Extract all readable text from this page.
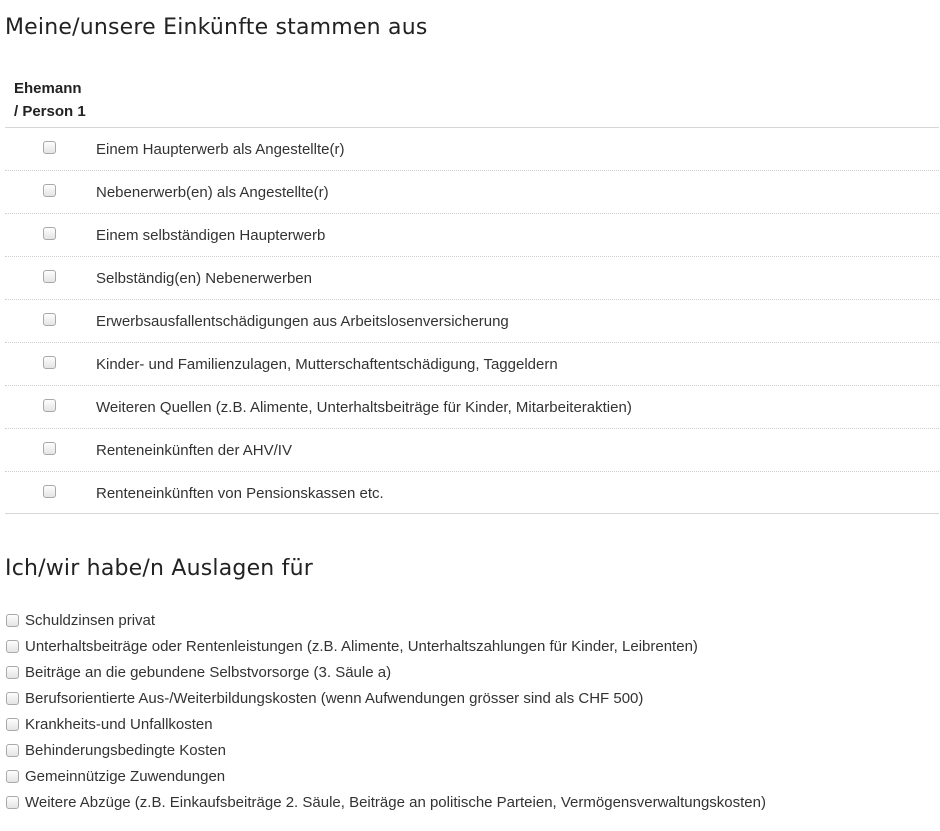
Meine/unsere Einkünfte stammen aus
Ehemann
/ Person 1
Einem Haupterwerb als Angestellte(r)
Nebenerwerb(en) als Angestellte(r)
Einem selbständigen Haupterwerb
Selbständig(en) Nebenerwerben
Erwerbsausfallentschädigungen aus Arbeitslosenversicherung
Kinder- und Familienzulagen, Mutterschaftentschädigung, Taggeldern
Weiteren Quellen (z.B. Alimente, Unterhaltsbeiträge für Kinder, Mitarbeiteraktien)
Renteneinkünften der AHV/IV
Renteneinkünften von Pensionskassen etc.
Ich/wir habe/n Auslagen für
Schuldzinsen privat
Unterhaltsbeiträge oder Rentenleistungen (z.B. Alimente, Unterhaltszahlungen für Kinder, Leibrenten)
Beiträge an die gebundene Selbstvorsorge (3. Säule a)
Berufsorientierte Aus-/Weiterbildungskosten (wenn Aufwendungen grösser sind als CHF 500)
Krankheits-und Unfallkosten
Behinderungsbedingte Kosten
Gemeinnützige Zuwendungen
Weitere Abzüge (z.B. Einkaufsbeiträge 2. Säule, Beiträge an politische Parteien, Vermögensverwaltungskosten)
